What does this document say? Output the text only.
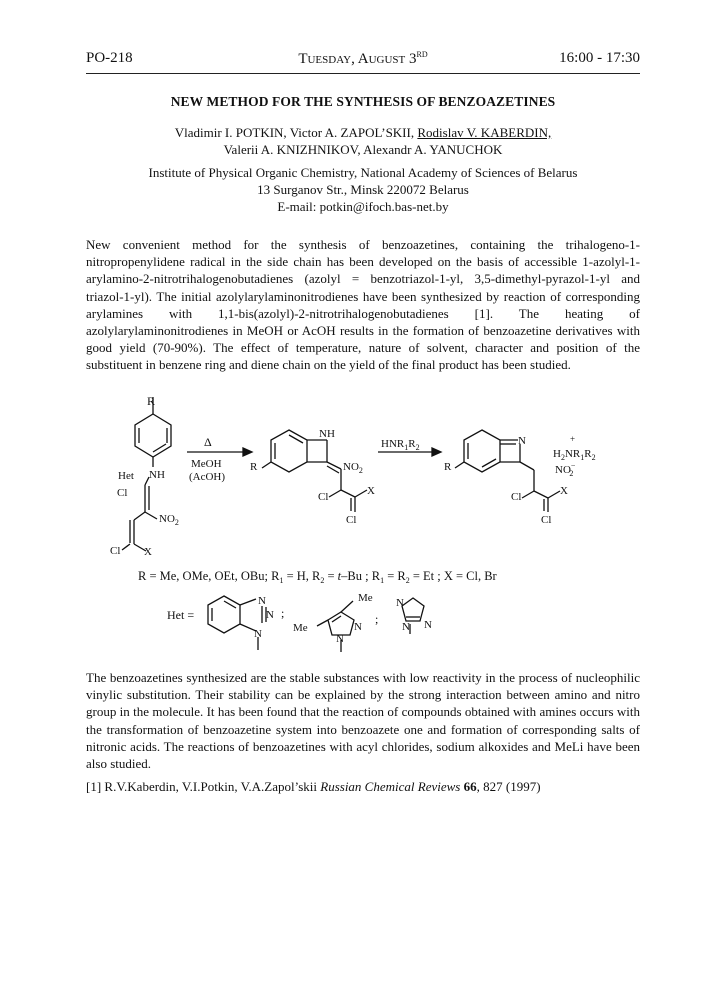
PO-218	Tuesday, August 3RD	16:00 - 17:30
NEW METHOD FOR THE SYNTHESIS OF BENZOAZETINES
Vladimir I. POTKIN, Victor A. ZAPOL’SKII, Rodislav V. KABERDIN,
Valerii A. KNIZHNIKOV, Alexandr A. YANUCHOK
Institute of Physical Organic Chemistry, National Academy of Sciences of Belarus
13 Surganov Str., Minsk 220072 Belarus
E-mail: potkin@ifoch.bas-net.by
New convenient method for the synthesis of benzoazetines, containing the trihalogeno-1-nitropropenylidene radical in the side chain has been developed on the basis of accessible 1-azolyl-1-arylamino-2-nitrotrihalogenobutadienes (azolyl = benzotriazol-1-yl, 3,5-dimethyl-pyrazol-1-yl and triazol-1-yl). The initial azolylarylaminonitrodienes have been synthesized by reaction of corresponding arylamines with 1,1-bis(azolyl)-2-nitrotrihalogenobutadienes [1]. The heating of azolylarylaminonitrodienes in MeOH or AcOH results in the formation of benzoazetine derivatives with good yield (70-90%). The effect of temperature, nature of solvent, character and position of the substituent in benzene ring and diene chain on the yield of the final product has been studied.
R
NH
Het
Cl
$NO_2$
Cl X
Δ
MeOH
(AcOH)
NH
R	$NO_2$
Cl	X
Cl
$HNR_1R_2$
N
R
+
$H_2NR_1R_2$
NO− 2
Cl	X
Cl
R = Me, OMe, OEt, OBu; $R_1 = H$, $R_2 = t-Bu$ ; $R_1 = R_2 = Et$ ; X = Cl, Br
Het =
N
N
N
;
Me
Me	N
N
;
N
N
N
The benzoazetines synthesized are the stable substances with low reactivity in the process of nucleophilic vinylic substitution. Their stability can be explained by the strong interaction between amino and nitro group in the molecule. It has been found that the reaction of compounds obtained with amines occurs with the transformation of benzoazetine system into benzoazete one and formation of corresponding salts of nitronic acids. The reactions of benzoazetines with acyl chlorides, sodium alkoxides and MeLi have been also studied.
[1] R.V.Kaberdin, V.I.Potkin, V.A.Zapol’skii Russian Chemical Reviews 66, 827 (1997)
